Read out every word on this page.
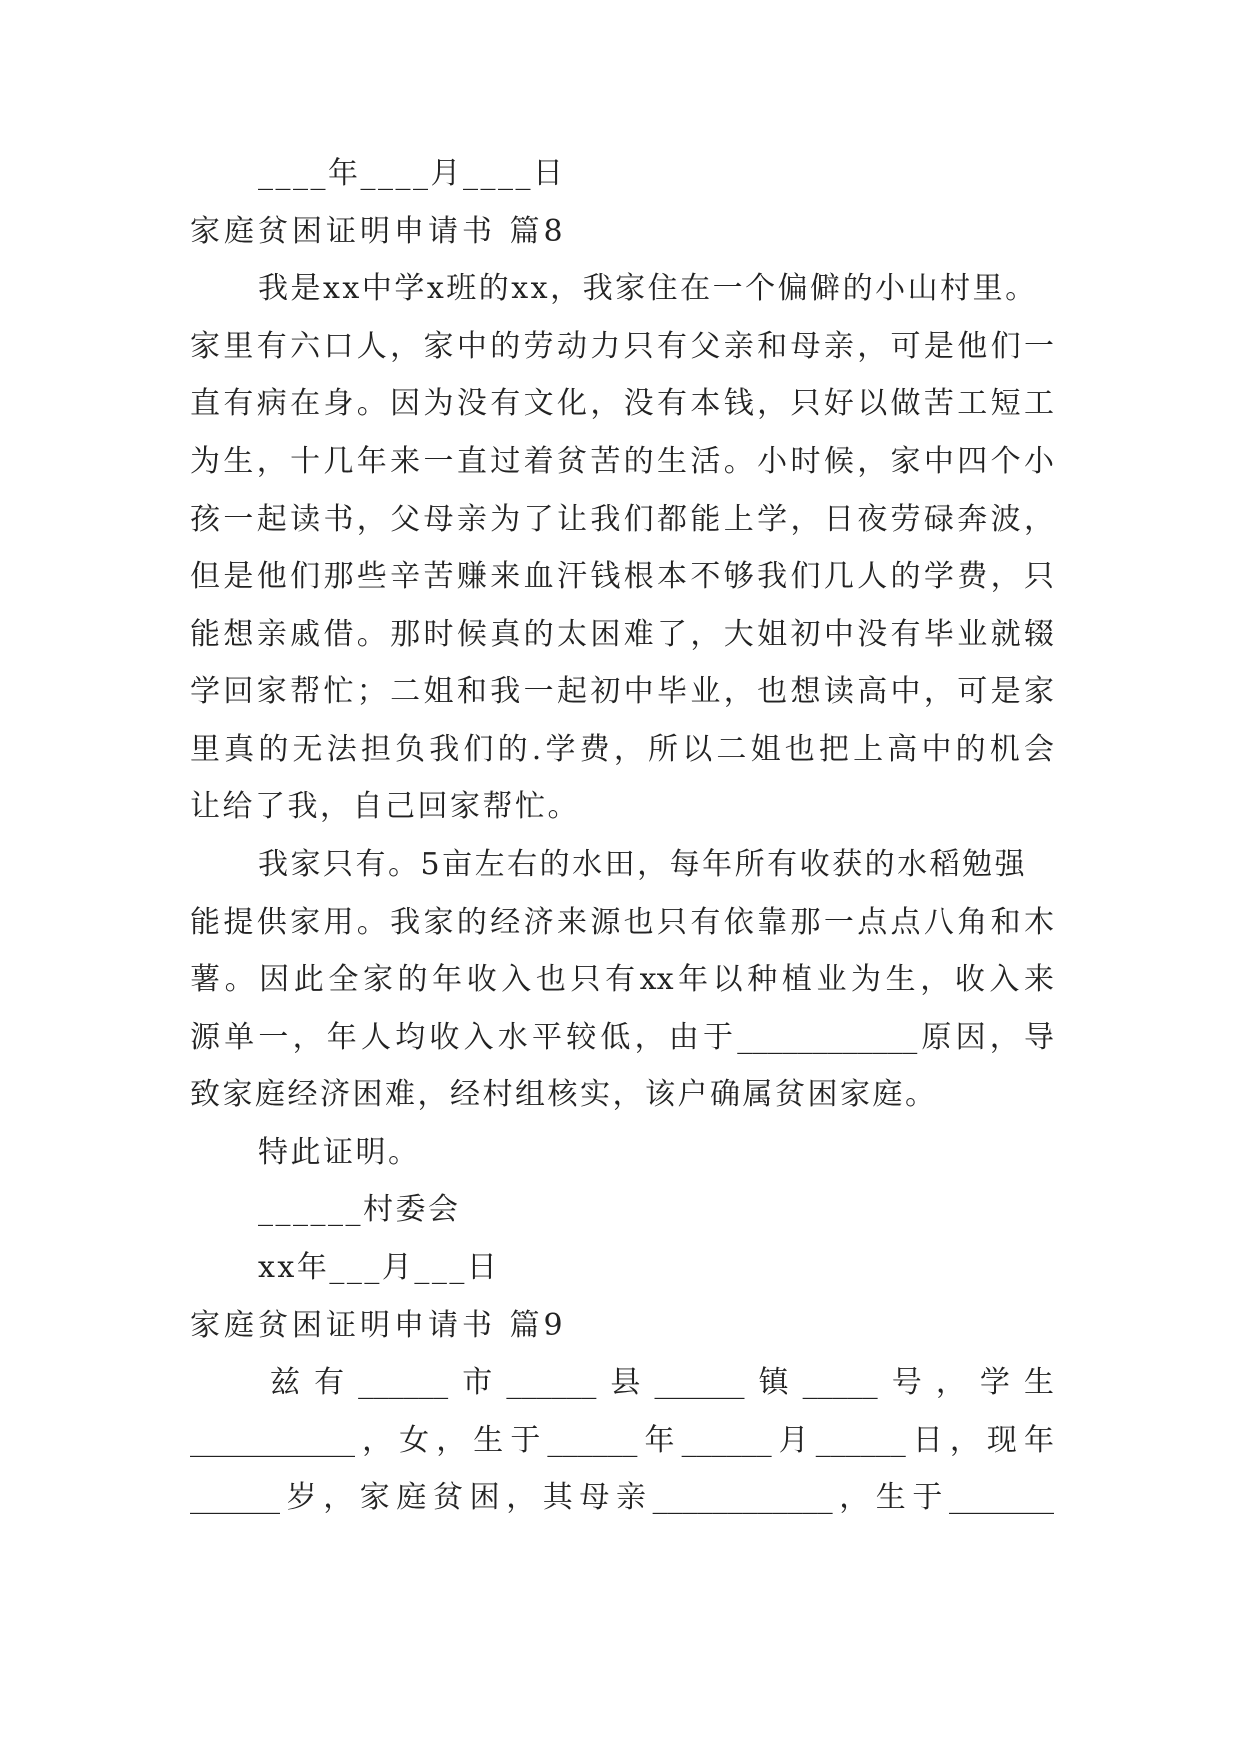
____年____月____日
家庭贫困证明申请书 篇8
我是xx中学x班的xx，我家住在一个偏僻的小山村里。
家里有六口人，家中的劳动力只有父亲和母亲，可是他们一
直有病在身。因为没有文化，没有本钱，只好以做苦工短工
为生，十几年来一直过着贫苦的生活。小时候，家中四个小
孩一起读书，父母亲为了让我们都能上学，日夜劳碌奔波，
但是他们那些辛苦赚来血汗钱根本不够我们几人的学费，只
能想亲戚借。那时候真的太困难了，大姐初中没有毕业就辍
学回家帮忙；二姐和我一起初中毕业，也想读高中，可是家
里真的无法担负我们的.学费，所以二姐也把上高中的机会
让给了我，自己回家帮忙。
我家只有。5亩左右的水田，每年所有收获的水稻勉强
能提供家用。我家的经济来源也只有依靠那一点点八角和木
薯。因此全家的年收入也只有xx年以种植业为生，收入来
源单一，年人均收入水平较低，由于____________原因，导
致家庭经济困难，经村组核实，该户确属贫困家庭。
特此证明。
______村委会
xx年___月___日
家庭贫困证明申请书 篇9
兹有______市______县______镇_____号，学生
___________，女，生于______年______月______日，现年
______岁，家庭贫困，其母亲____________，生于_______
